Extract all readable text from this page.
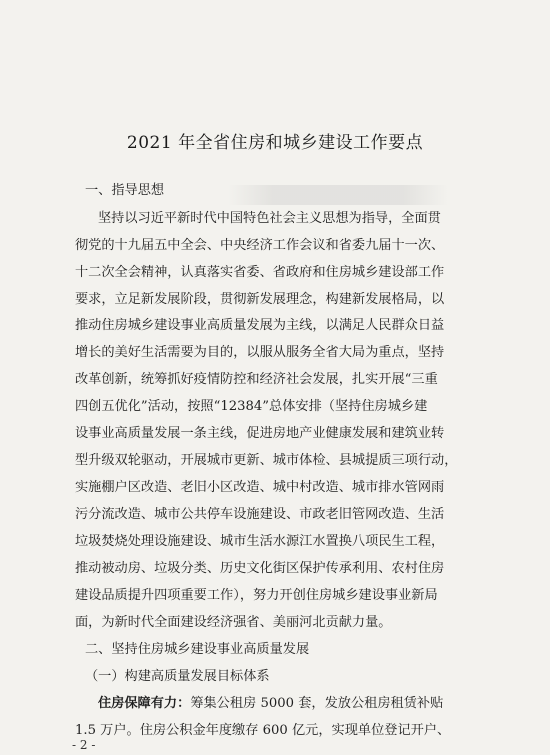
2021 年全省住房和城乡建设工作要点
一、指导思想
坚持以习近平新时代中国特色社会主义思想为指导，全面贯
彻党的十九届五中全会、中央经济工作会议和省委九届十一次、
十二次全会精神，认真落实省委、省政府和住房城乡建设部工作
要求，立足新发展阶段，贯彻新发展理念，构建新发展格局，以
推动住房城乡建设事业高质量发展为主线，以满足人民群众日益
增长的美好生活需要为目的，以服从服务全省大局为重点，坚持
改革创新，统筹抓好疫情防控和经济社会发展，扎实开展“三重
四创五优化”活动，按照“12384”总体安排（坚持住房城乡建
设事业高质量发展一条主线，促进房地产业健康发展和建筑业转
型升级双轮驱动，开展城市更新、城市体检、县城提质三项行动，
实施棚户区改造、老旧小区改造、城中村改造、城市排水管网雨
污分流改造、城市公共停车设施建设、市政老旧管网改造、生活
垃圾焚烧处理设施建设、城市生活水源江水置换八项民生工程，
推动被动房、垃圾分类、历史文化街区保护传承利用、农村住房
建设品质提升四项重要工作），努力开创住房城乡建设事业新局
面，为新时代全面建设经济强省、美丽河北贡献力量。
二、坚持住房城乡建设事业高质量发展
（一）构建高质量发展目标体系
住房保障有力：筹集公租房 5000 套，发放公租房租赁补贴
1.5 万户。住房公积金年度缴存 600 亿元，实现单位登记开户、
- 2 -
